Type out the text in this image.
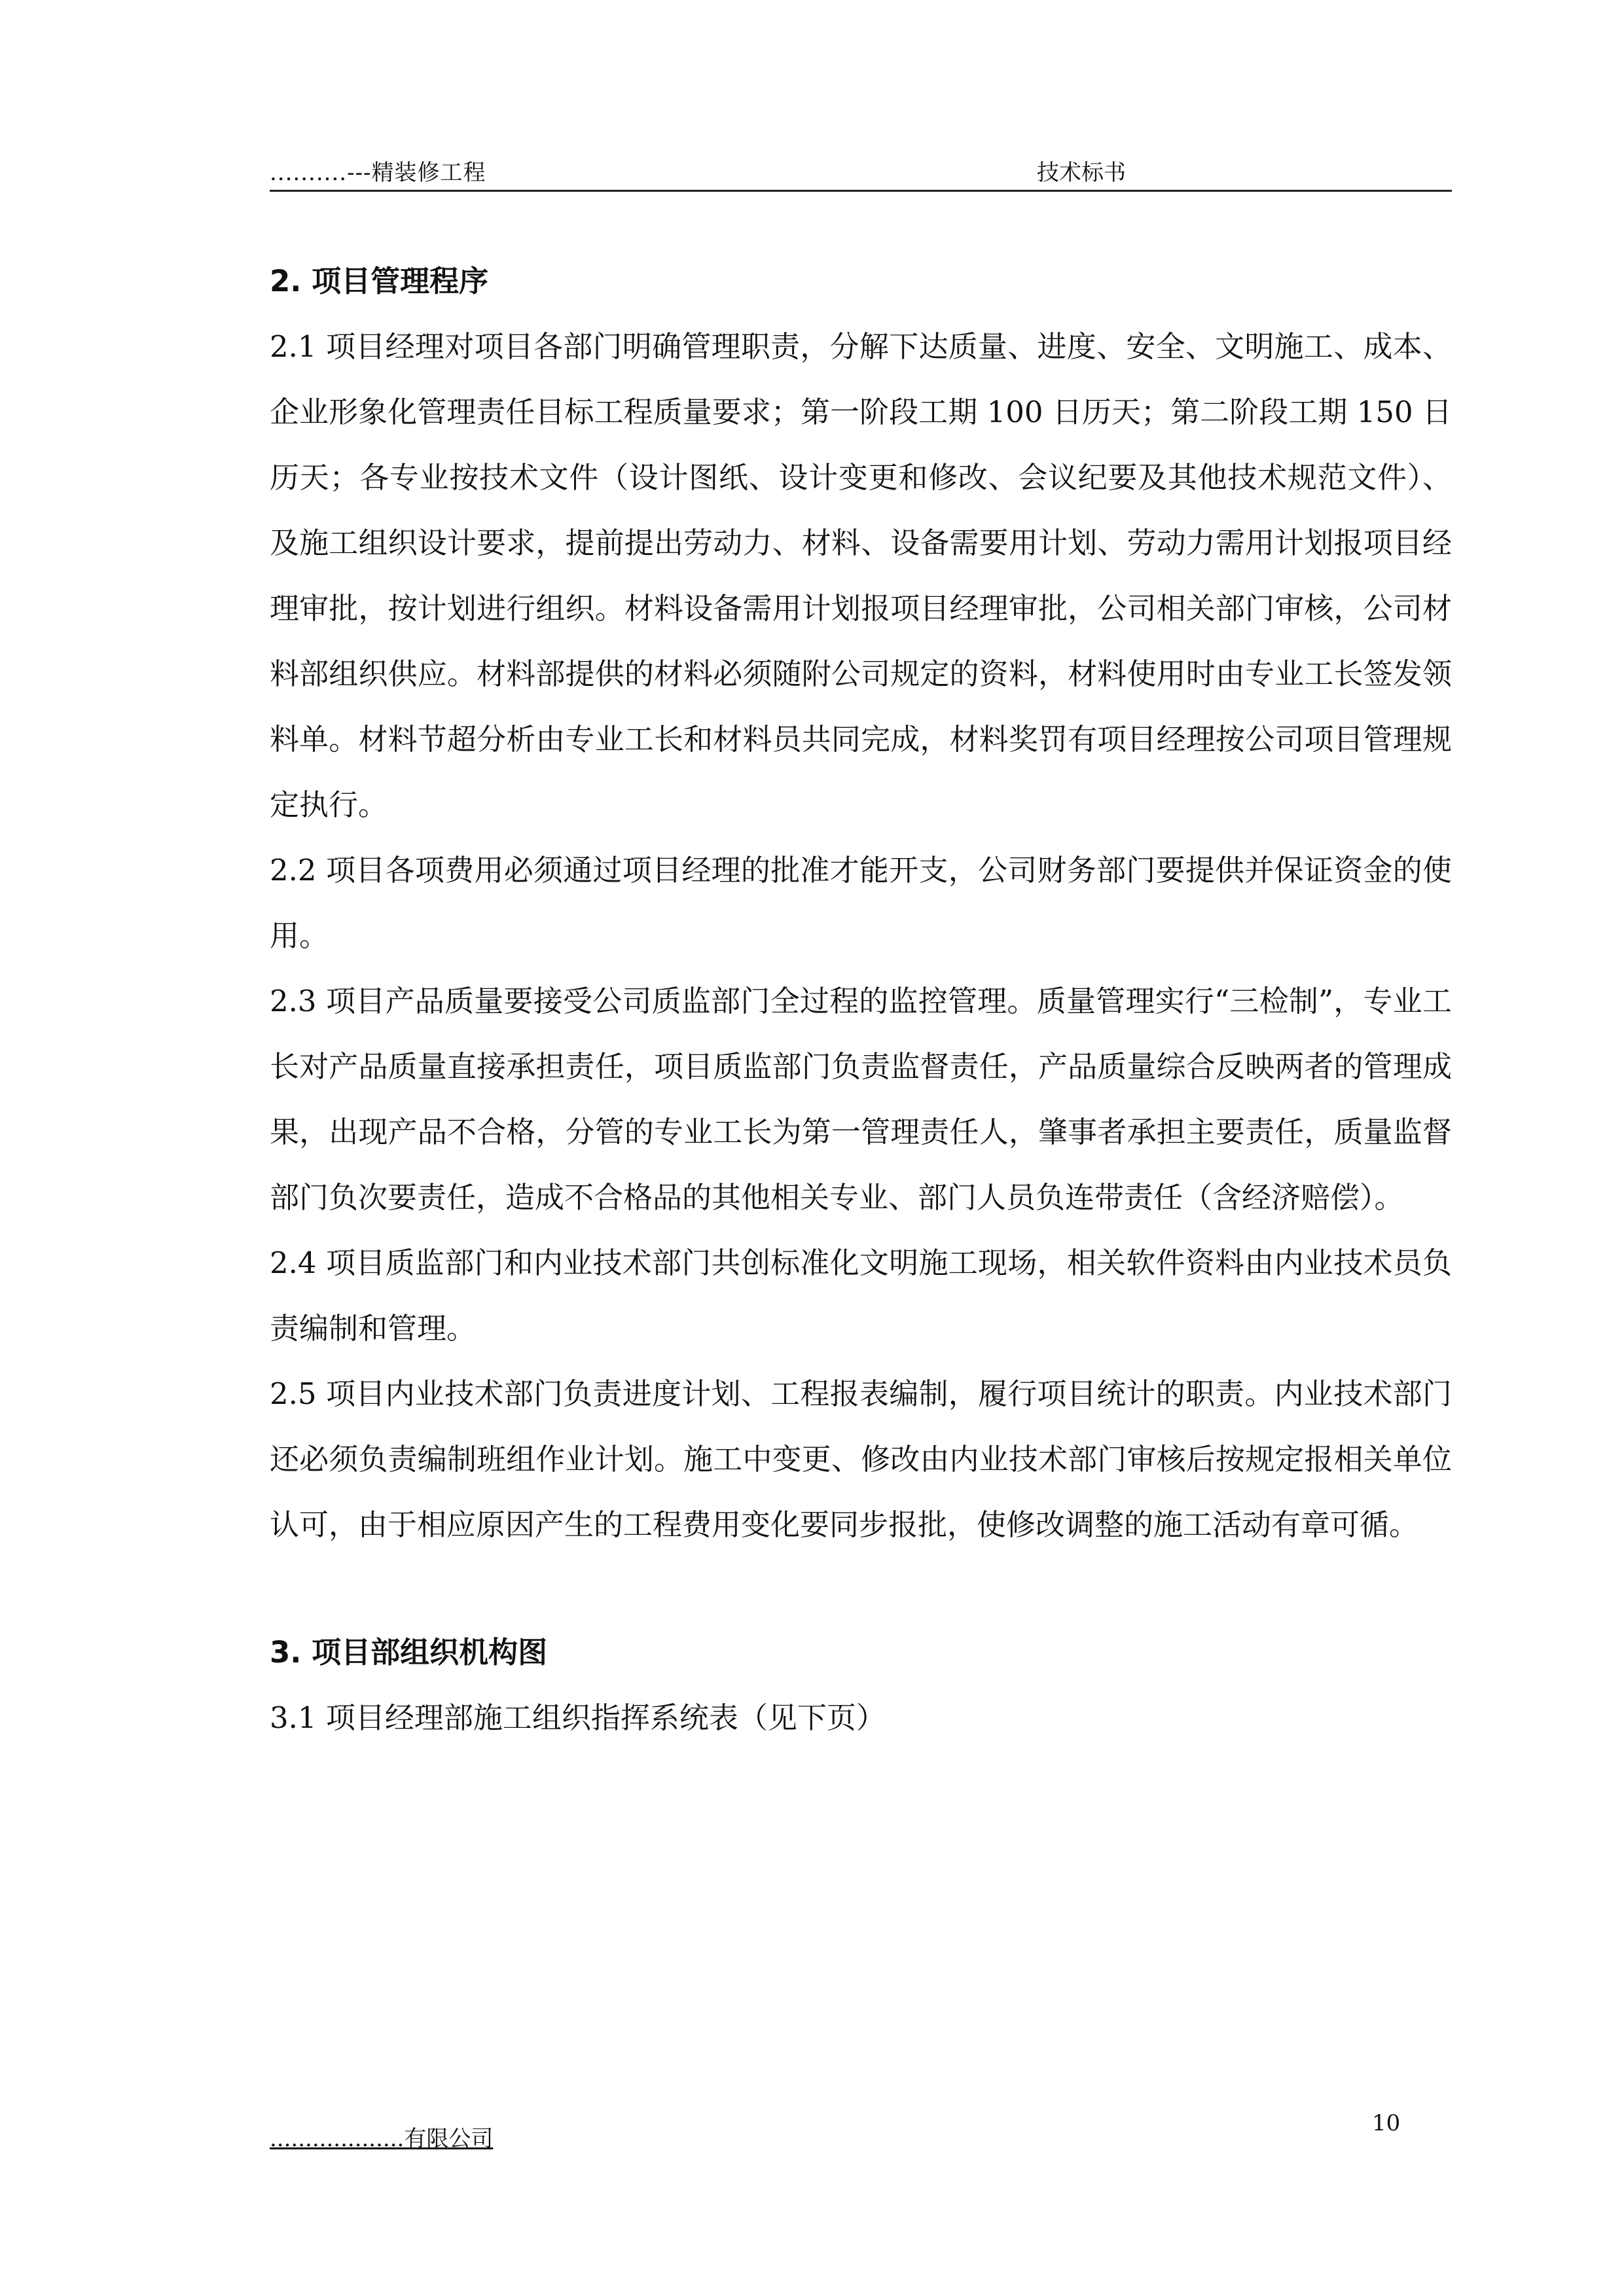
..........---精装修工程	技术标书
2. 项目管理程序

2.1 项目经理对项目各部门明确管理职责，分解下达质量、进度、安全、文明施工、成本、企业形象化管理责任目标工程质量要求；第一阶段工期 100 日历天；第二阶段工期 150 日历天；各专业按技术文件（设计图纸、设计变更和修改、会议纪要及其他技术规范文件）、及施工组织设计要求，提前提出劳动力、材料、设备需要用计划、劳动力需用计划报项目经理审批，按计划进行组织。材料设备需用计划报项目经理审批，公司相关部门审核，公司材料部组织供应。材料部提供的材料必须随附公司规定的资料，材料使用时由专业工长签发领料单。材料节超分析由专业工长和材料员共同完成，材料奖罚有项目经理按公司项目管理规定执行。

2.2 项目各项费用必须通过项目经理的批准才能开支，公司财务部门要提供并保证资金的使用。

2.3 项目产品质量要接受公司质监部门全过程的监控管理。质量管理实行“三检制”，专业工长对产品质量直接承担责任，项目质监部门负责监督责任，产品质量综合反映两者的管理成果，出现产品不合格，分管的专业工长为第一管理责任人，肇事者承担主要责任，质量监督部门负次要责任，造成不合格品的其他相关专业、部门人员负连带责任（含经济赔偿）。

2.4 项目质监部门和内业技术部门共创标准化文明施工现场，相关软件资料由内业技术员负责编制和管理。

2.5 项目内业技术部门负责进度计划、工程报表编制，履行项目统计的职责。内业技术部门还必须负责编制班组作业计划。施工中变更、修改由内业技术部门审核后按规定报相关单位认可，由于相应原因产生的工程费用变化要同步报批，使修改调整的施工活动有章可循。

3. 项目部组织机构图

3.1 项目经理部施工组织指挥系统表（见下页）

...................有限公司
10
